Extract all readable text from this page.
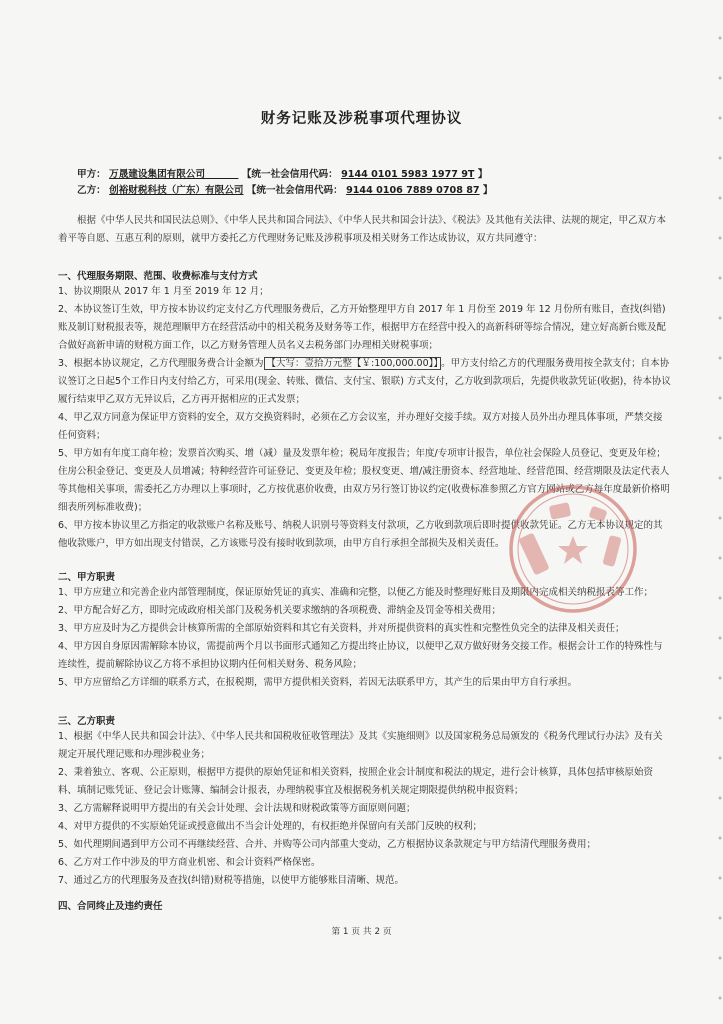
财务记账及涉税事项代理协议
甲方： 万晟建设集团有限公司	【统一社会信用代码： 9144 0101 5983 1977 9T 】
乙方： 创裕财税科技（广东）有限公司 【统一社会信用代码： 9144 0106 7889 0708 87 】
根据《中华人民共和国民法总则》、《中华人民共和国合同法》、《中华人民共和国会计法》、《税法》及其他有关法律、法规的规定，甲乙双方本着平等自愿、互惠互利的原则，就甲方委托乙方代理财务记账及涉税事项及相关财务工作达成协议，双方共同遵守：
一、代理服务期限、范围、收费标准与支付方式
1、协议期限从 2017 年 1 月至 2019 年 12 月；
2、本协议签订生效，甲方按本协议约定支付乙方代理服务费后，乙方开始整理甲方自 2017 年 1 月份至 2019 年 12 月份所有账目，查找(纠错)账及制订财税报表等，规范理顺甲方在经营活动中的相关税务及财务等工作，根据甲方在经营中投入的高新科研等综合情况，建立好高新台账及配合做好高新申请的财税方面工作，以乙方财务管理人员名义去税务部门办理相关财税事项；
3、根据本协议规定，乙方代理服务费合计金额为 【大写：壹拾万元整【￥:100,000.00】】 。甲方支付给乙方的代理服务费用按全款支付；自本协议签订之日起5个工作日内支付给乙方，可采用(现金、转账、微信、支付宝、银联) 方式支付，乙方收到款项后，先提供收款凭证(收据)，待本协议履行结束甲乙双方无异议后，乙方再开据相应的正式发票；
4、甲乙双方同意为保证甲方资料的安全，双方交换资料时，必须在乙方会议室，并办理好交接手续。双方对接人员外出办理具体事项，严禁交接任何资料；
5、甲方如有年度工商年检；发票首次购买、增（减）量及发票年检；税局年度报告；年度/专项审计报告，单位社会保险人员登记、变更及年检；住房公积金登记、变更及人员增减；特种经营许可证登记、变更及年检；股权变更、增/减注册资本、经营地址、经营范围、经营期限及法定代表人等其他相关事项，需委托乙方办理以上事项时，乙方按优惠价收费，由双方另行签订协议约定(收费标准参照乙方官方网站或乙方每年度最新价格明细表所列标准收费)；
6、甲方按本协议里乙方指定的收款账户名称及账号、纳税人识别号等资料支付款项，乙方收到款项后即时提供收款凭证。乙方无本协议规定的其他收款账户，甲方如出现支付错误，乙方该账号没有接时收到款项，由甲方自行承担全部损失及相关责任。
二、甲方职责
1、甲方应建立和完善企业内部管理制度，保证原始凭证的真实、准确和完整，以便乙方能及时整理好账目及期限内完成相关纳税报表等工作；
2、甲方配合好乙方，即时完成政府相关部门及税务机关要求缴纳的各项税费、滞纳金及罚金等相关费用；
3、甲方应及时为乙方提供会计核算所需的全部原始资料和其它有关资料，并对所提供资料的真实性和完整性负完全的法律及相关责任；
4、甲方因自身原因需解除本协议，需提前两个月以书面形式通知乙方提出终止协议，以便甲乙双方做好财务交接工作。根据会计工作的特殊性与连续性，提前解除协议乙方将不承担协议期内任何相关财务、税务风险；
5、甲方应留给乙方详细的联系方式，在报税期，需甲方提供相关资料，若因无法联系甲方，其产生的后果由甲方自行承担。
三、乙方职责
1、根据《中华人民共和国会计法》、《中华人民共和国税收征收管理法》及其《实施细则》以及国家税务总局颁发的《税务代理试行办法》及有关规定开展代理记账和办理涉税业务；
2、秉着独立、客观、公正原则，根据甲方提供的原始凭证和相关资料，按照企业会计制度和税法的规定，进行会计核算，具体包括审核原始资料、填制记账凭证、登记会计账簿、编制会计报表，办理纳税事宜及根据税务机关规定期限提供纳税申报资料；
3、乙方需解释说明甲方提出的有关会计处理、会计法规和财税政策等方面原则问题；
4、对甲方提供的不实原始凭证或授意做出不当会计处理的，有权拒绝并保留向有关部门反映的权利；
5、如代理期间遇到甲方公司不再继续经营、合并、并购等公司内部重大变动，乙方根据协议条款规定与甲方结清代理服务费用；
6、乙方对工作中涉及的甲方商业机密、和会计资料严格保密。
7、通过乙方的代理服务及查找(纠错)财税等措施，以使甲方能够账目清晰、规范。
四、合同终止及违约责任
第 1 页 共 2 页
